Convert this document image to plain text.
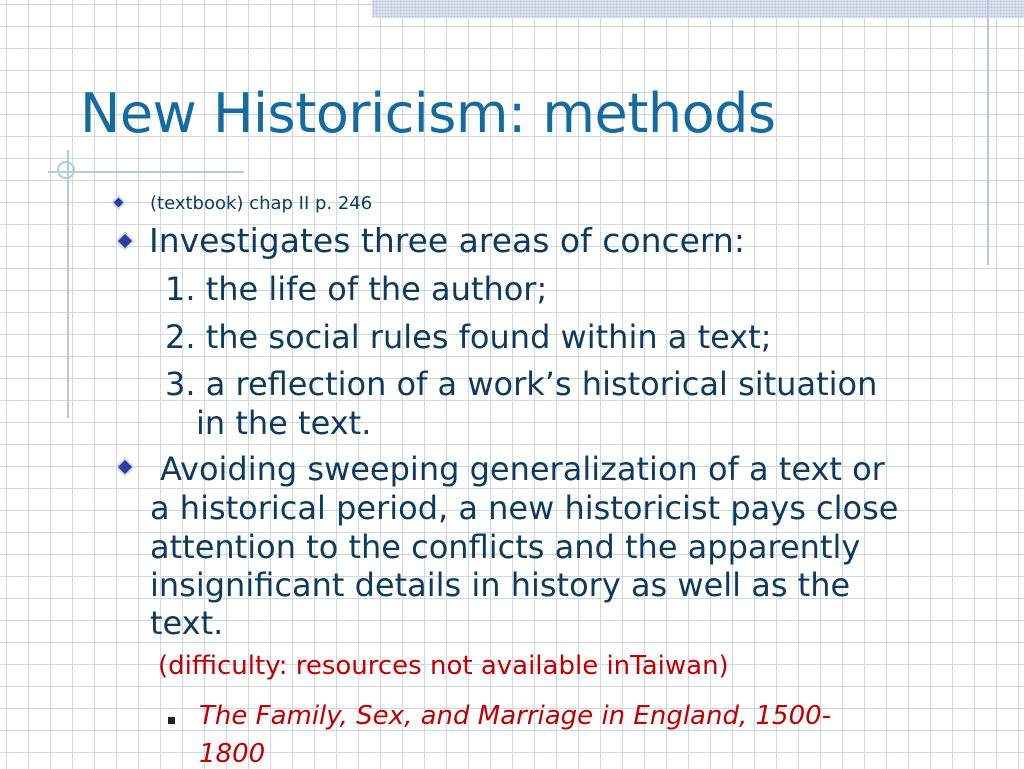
New Historicism: methods

(textbook) chap II p. 246

Investigates three areas of concern:

1. the life of the author;

2. the social rules found within a text;

3. a reflection of a work’s historical situation

in the text.

Avoiding sweeping generalization of a text or

a historical period, a new historicist pays close

attention to the conflicts and the apparently

insignificant details in history as well as the

text.

(difficulty: resources not available inTaiwan)

The Family, Sex, and Marriage in England, 1500-

1800
